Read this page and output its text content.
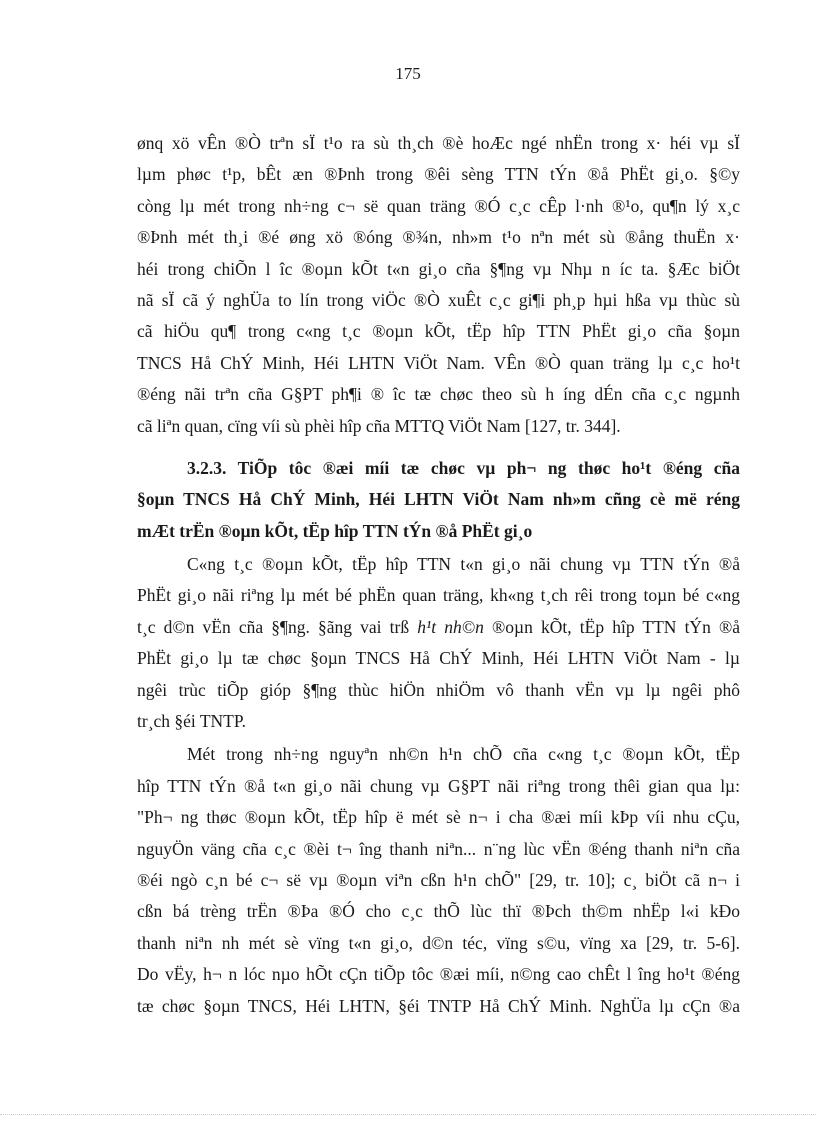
175
ønq xö vÊn ®Ò trªn sÏ t¹o ra sù th¸ch ®è hoÆc ngé nhËn trong x· héi vµ sÏ
lµm phøc t¹p, bÊt æn ®Þnh trong ®êi sèng TTN tÝn ®å PhËt gi¸o. §©y
còng lµ mét trong nh÷ng c¬ së quan träng ®Ó c¸c cÊp l·nh ®¹o, qu¶n lý x¸c
®Þnh mét th¸i ®é øng xö ®óng ®¾n, nh»m t¹o nªn mét sù ®ång thuËn x·
héi trong chiÕn l îc ®oµn kÕt t«n gi¸o cña §¶ng vµ Nhµ n íc ta. §Æc biÖt
nã sÏ cã ý nghÜa to lín trong viÖc ®Ò xuÊt c¸c gi¶i ph¸p hµi hßa vµ thùc sù
cã hiÖu qu¶ trong c«ng t¸c ®oµn kÕt, tËp hîp TTN PhËt gi¸o cña §oµn
TNCS Hå ChÝ Minh, Héi LHTN ViÖt Nam. VÊn ®Ò quan träng lµ c¸c ho¹t
®éng nãi trªn cña G§PT ph¶i ® îc tæ chøc theo sù h íng dÉn cña c¸c ngµnh
cã liªn quan, cïng víi sù phèi hîp cña MTTQ ViÖt Nam [127, tr. 344].
3.2.3. TiÕp tôc ®æi míi tæ chøc vµ ph¬ ng thøc ho¹t ®éng cña
§oµn TNCS Hå ChÝ Minh, Héi LHTN ViÖt Nam nh»m cñng cè më réng
mÆt trËn ®oµn kÕt, tËp hîp TTN tÝn ®å PhËt gi¸o
C«ng t¸c ®oµn kÕt, tËp hîp TTN t«n gi¸o nãi chung vµ TTN tÝn ®å
PhËt gi¸o nãi riªng lµ mét bé phËn quan träng, kh«ng t¸ch rêi trong toµn bé c«ng
t¸c d©n vËn cña §¶ng. §ãng vai trß h¹t nh©n ®oµn kÕt, tËp hîp TTN tÝn ®å
PhËt gi¸o lµ tæ chøc §oµn TNCS Hå ChÝ Minh, Héi LHTN ViÖt Nam - lµ
ngêi trùc tiÕp gióp §¶ng thùc hiÖn nhiÖm vô thanh vËn vµ lµ ngêi phô
tr¸ch §éi TNTP.
Mét trong nh÷ng nguyªn nh©n h¹n chÕ cña c«ng t¸c ®oµn kÕt, tËp
hîp TTN tÝn ®å t«n gi¸o nãi chung vµ G§PT nãi riªng trong thêi gian qua lµ:
"Ph¬ ng thøc ®oµn kÕt, tËp hîp ë mét sè n¬ i cha ®æi míi kÞp víi nhu cÇu,
nguyÖn väng cña c¸c ®èi t¬ îng thanh niªn... n¨ng lùc vËn ®éng thanh niªn cña
®éi ngò c¸n bé c¬ së vµ ®oµn viªn cßn h¹n chÕ" [29, tr. 10]; c¸ biÖt cã n¬ i
cßn bá trèng trËn ®Þa ®Ó cho c¸c thÕ lùc thï ®Þch th©m nhËp l«i kÐo
thanh niªn nh mét sè vïng t«n gi¸o, d©n téc, vïng s©u, vïng xa [29, tr. 5-6].
Do vËy, h¬ n lóc nµo hÕt cÇn tiÕp tôc ®æi míi, n©ng cao chÊt l îng ho¹t ®éng
tæ chøc §oµn TNCS, Héi LHTN, §éi TNTP Hå ChÝ Minh. NghÜa lµ cÇn ®a
